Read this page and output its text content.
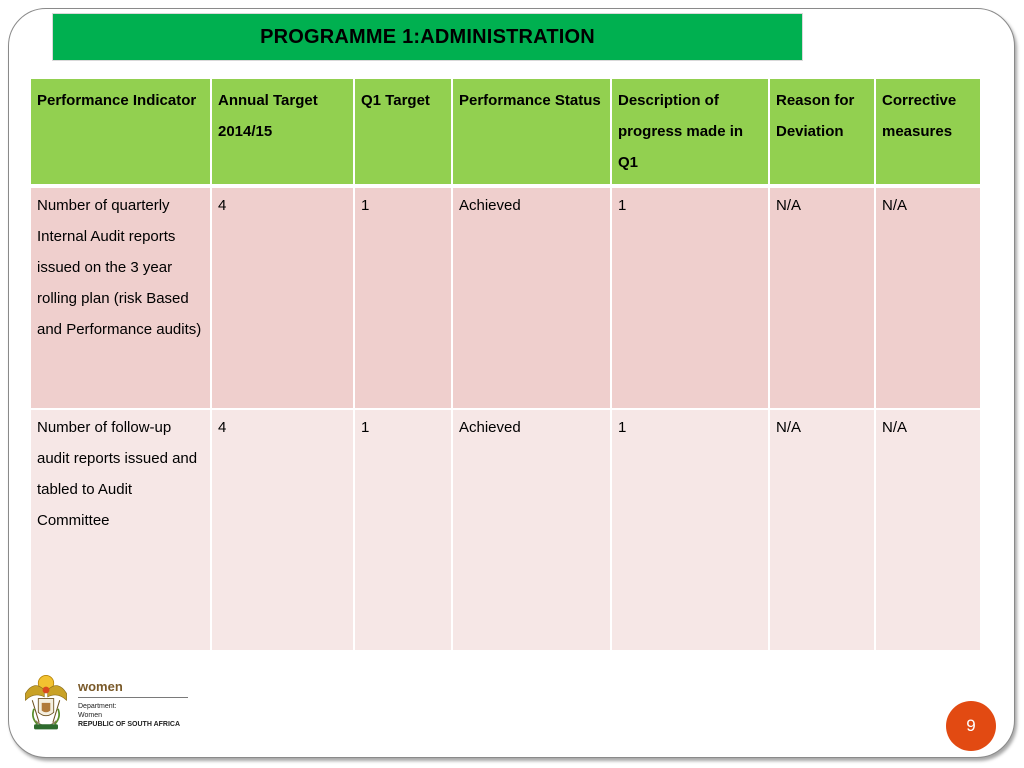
PROGRAMME 1:ADMINISTRATION
Performance Indicator	Annual Target 2014/15	Q1 Target	Performance Status	Description of progress made in Q1	Reason for Deviation	Corrective measures
Number of quarterly Internal Audit reports issued on the 3 year rolling plan (risk Based and Performance audits)	4	1	Achieved	1	N/A	N/A
Number of follow-up audit reports issued and tabled to Audit Committee	4	1	Achieved	1	N/A	N/A
women
Department:
Women
REPUBLIC OF SOUTH AFRICA	9
